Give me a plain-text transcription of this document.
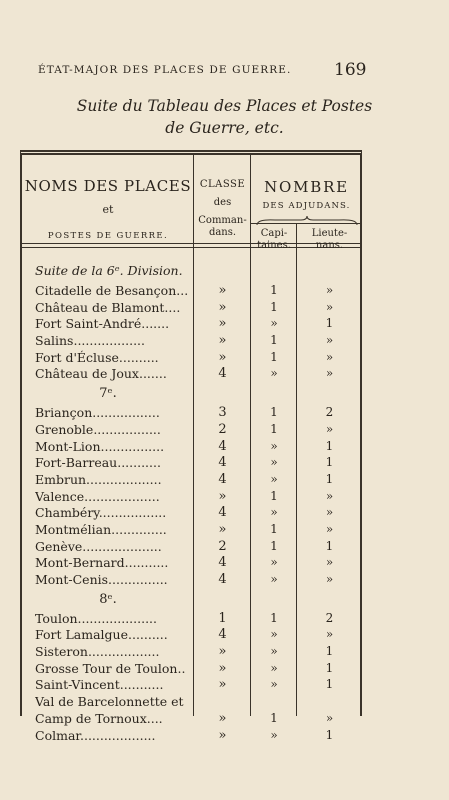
ÉTAT-MAJOR DES PLACES DE GUERRE.	169
Suite du Tableau des Places et Postes
de Guerre, etc.
NOMS DES PLACES
et
POSTES DE GUERRE.
CLASSE
des
Comman- dans.
NOMBRE
DES ADJUDANS.
Capi- taines.
Lieute- nans.
Suite de la 6ᵉ. Division.
Citadelle de Besançon...	»	1	»
Château de Blamont....	»	1	»
Fort Saint-André.......	»	»	1
Salins..................	»	1	»
Fort d'Écluse..........	»	1	»
Château de Joux.......	4	»	»
7ᵉ.
Briançon.................	3	1	2
Grenoble.................	2	1	»
Mont-Lion................	4	»	1
Fort-Barreau...........	4	»	1
Embrun...................	4	»	1
Valence...................	»	1	»
Chambéry.................	4	»	»
Montmélian..............	»	1	»
Genève....................	2	1	1
Mont-Bernard...........	4	»	»
Mont-Cenis...............	4	»	»
8ᵉ.
Toulon....................	1	1	2
Fort Lamalgue..........	4	»	»
Sisteron..................	»	»	1
Grosse Tour de Toulon..	»	»	1
Saint-Vincent...........	»	»	1
Val de Barcelonnette et
Camp de Tornoux....	»	1	»
Colmar...................	»	»	1
